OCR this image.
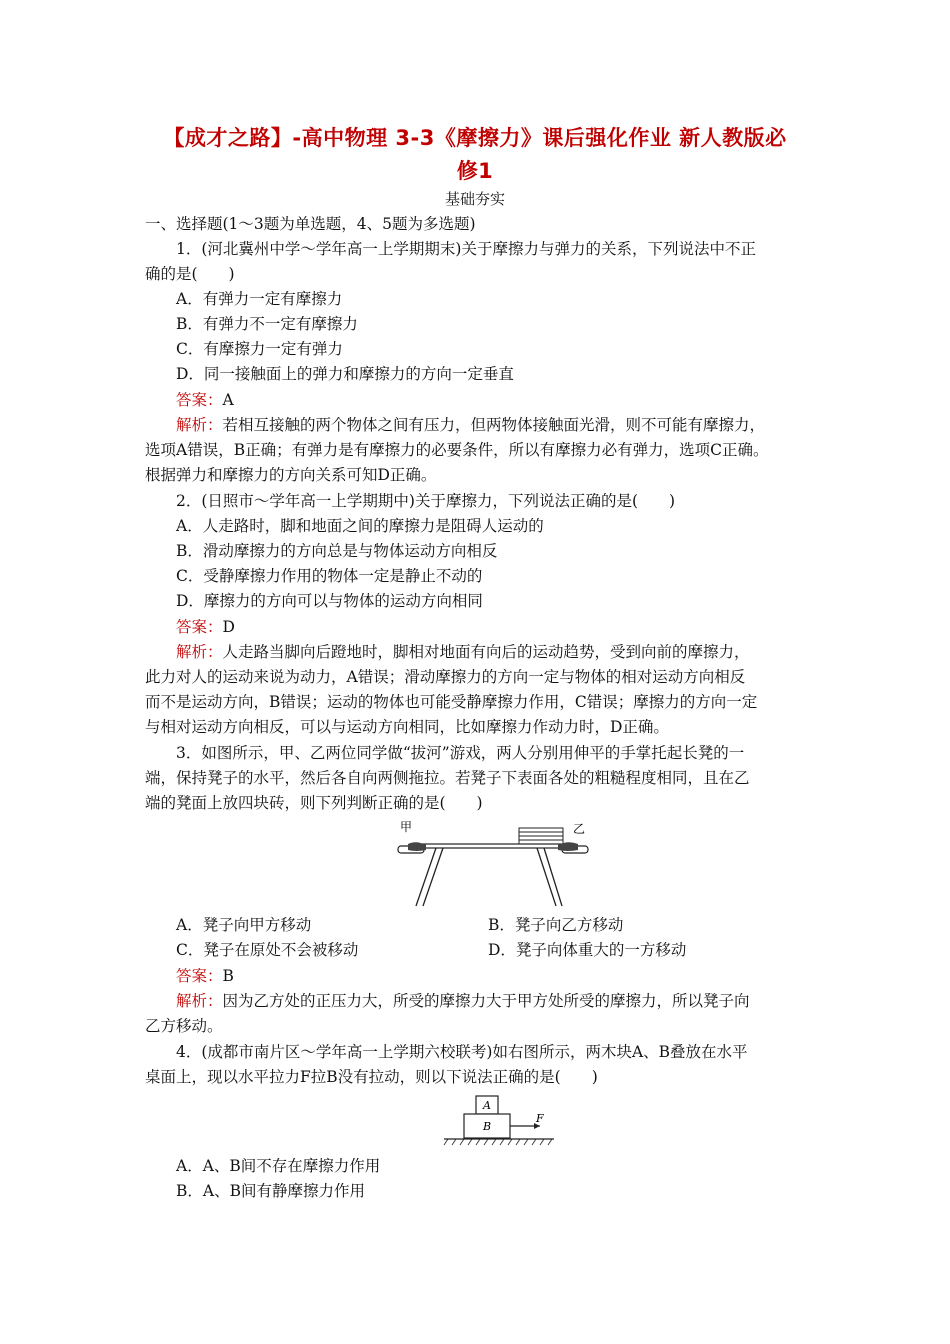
【成才之路】-高中物理 3-3《摩擦力》课后强化作业 新人教版必
修1
基础夯实
一、选择题(1～3题为单选题，4、5题为多选题)
1．(河北冀州中学～学年高一上学期期末)关于摩擦力与弹力的关系，下列说法中不正
确的是(　　)
A．有弹力一定有摩擦力
B．有弹力不一定有摩擦力
C．有摩擦力一定有弹力
D．同一接触面上的弹力和摩擦力的方向一定垂直
答案：A
解析：若相互接触的两个物体之间有压力，但两物体接触面光滑，则不可能有摩擦力，
选项A错误，B正确；有弹力是有摩擦力的必要条件，所以有摩擦力必有弹力，选项C正确。
根据弹力和摩擦力的方向关系可知D正确。
2．(日照市～学年高一上学期期中)关于摩擦力，下列说法正确的是(　　)
A．人走路时，脚和地面之间的摩擦力是阻碍人运动的
B．滑动摩擦力的方向总是与物体运动方向相反
C．受静摩擦力作用的物体一定是静止不动的
D．摩擦力的方向可以与物体的运动方向相同
答案：D
解析：人走路当脚向后蹬地时，脚相对地面有向后的运动趋势，受到向前的摩擦力，
此力对人的运动来说为动力，A错误；滑动摩擦力的方向一定与物体的相对运动方向相反
而不是运动方向，B错误；运动的物体也可能受静摩擦力作用，C错误；摩擦力的方向一定
与相对运动方向相反，可以与运动方向相同，比如摩擦力作动力时，D正确。
3．如图所示，甲、乙两位同学做“拔河”游戏，两人分别用伸平的手掌托起长凳的一
端，保持凳子的水平，然后各自向两侧拖拉。若凳子下表面各处的粗糙程度相同，且在乙
端的凳面上放四块砖，则下列判断正确的是(　　)
甲	乙
A．凳子向甲方移动	B．凳子向乙方移动
C．凳子在原处不会被移动	D．凳子向体重大的一方移动
答案：B
解析：因为乙方处的正压力大，所受的摩擦力大于甲方处所受的摩擦力，所以凳子向
乙方移动。
4．(成都市南片区～学年高一上学期六校联考)如右图所示，两木块A、B叠放在水平
桌面上，现以水平拉力F拉B没有拉动，则以下说法正确的是(　　)
A
B
F
A．A、B间不存在摩擦力作用
B．A、B间有静摩擦力作用
